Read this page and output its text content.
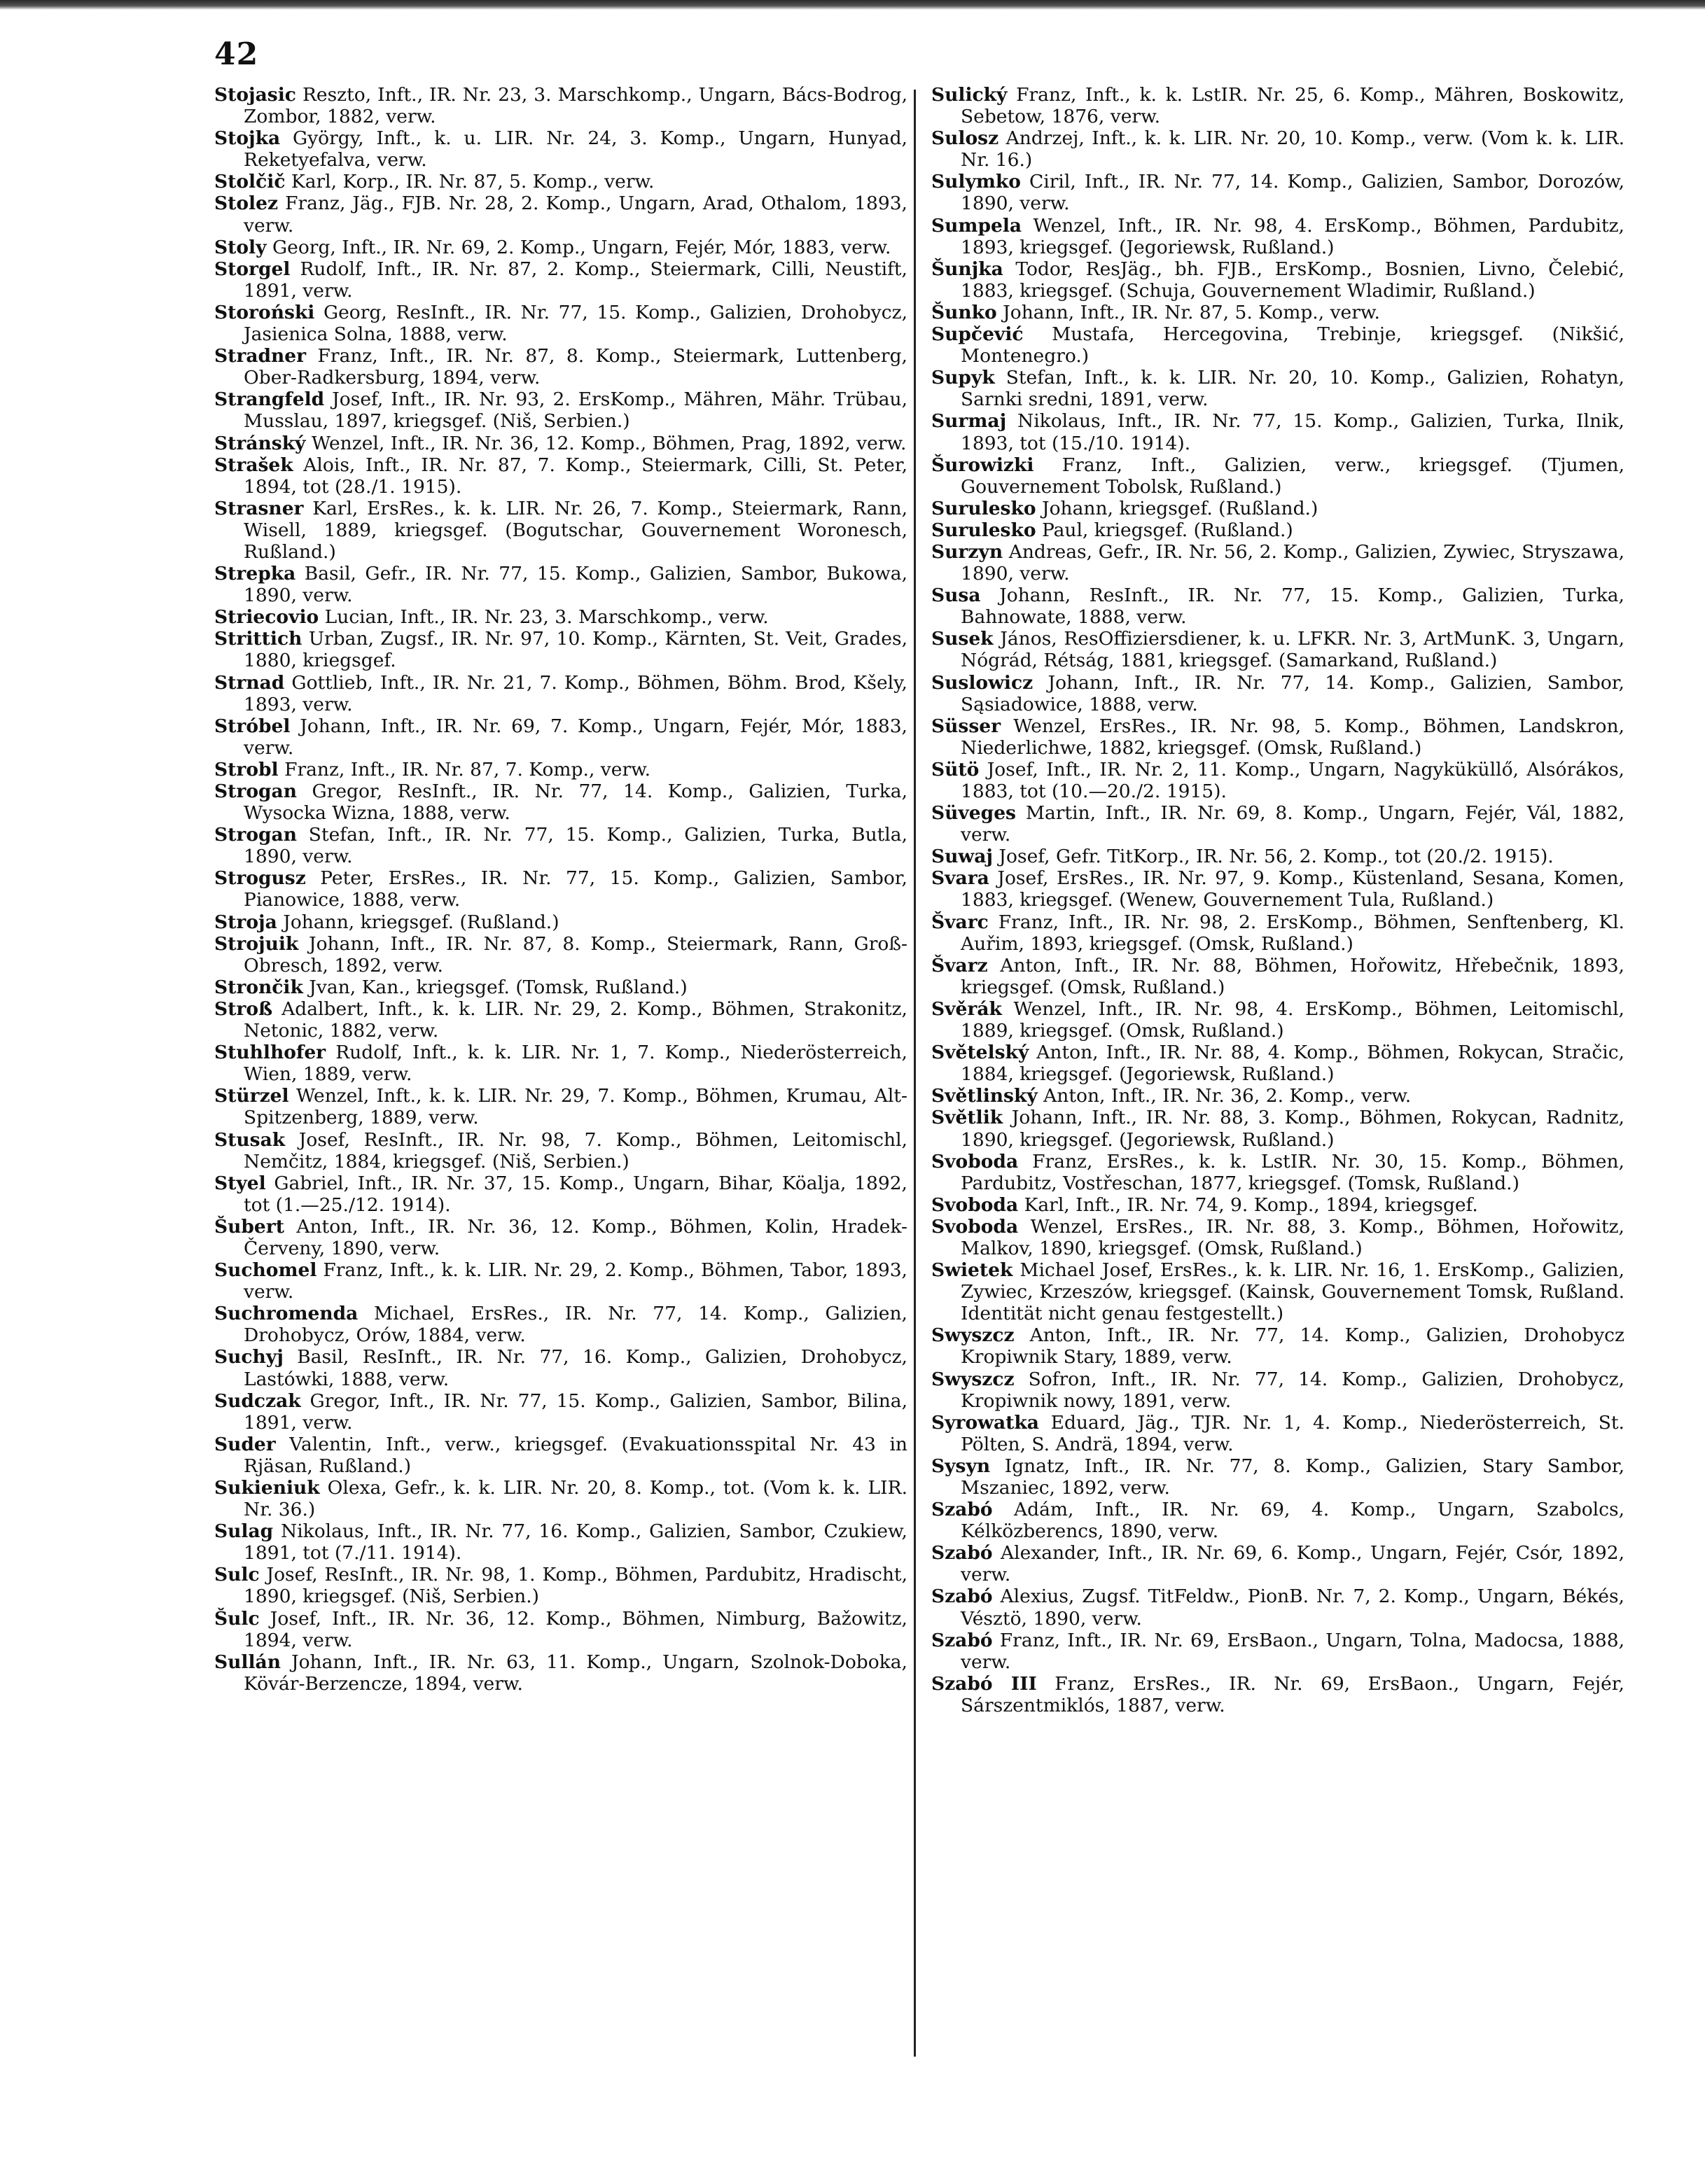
42

Stojasic Reszto, Inft., IR. Nr. 23, 3. Marschkomp., Ungarn, Bács-Bodrog, Zombor, 1882, verw.

Stojka György, Inft., k. u. LIR. Nr. 24, 3. Komp., Ungarn, Hunyad, Reketyefalva, verw.

Stolčič Karl, Korp., IR. Nr. 87, 5. Komp., verw.

Stolez Franz, Jäg., FJB. Nr. 28, 2. Komp., Ungarn, Arad, Othalom, 1893, verw.

Stoly Georg, Inft., IR. Nr. 69, 2. Komp., Ungarn, Fejér, Mór, 1883, verw.

Storgel Rudolf, Inft., IR. Nr. 87, 2. Komp., Steiermark, Cilli, Neustift, 1891, verw.

Storoński Georg, ResInft., IR. Nr. 77, 15. Komp., Galizien, Drohobycz, Jasienica Solna, 1888, verw.

Stradner Franz, Inft., IR. Nr. 87, 8. Komp., Steiermark, Luttenberg, Ober-Radkersburg, 1894, verw.

Strangfeld Josef, Inft., IR. Nr. 93, 2. ErsKomp., Mähren, Mähr. Trübau, Musslau, 1897, kriegsgef. (Niš, Serbien.)

Stránský Wenzel, Inft., IR. Nr. 36, 12. Komp., Böhmen, Prag, 1892, verw.

Strašek Alois, Inft., IR. Nr. 87, 7. Komp., Steiermark, Cilli, St. Peter, 1894, tot (28./1. 1915).

Strasner Karl, ErsRes., k. k. LIR. Nr. 26, 7. Komp., Steiermark, Rann, Wisell, 1889, kriegsgef. (Bogutschar, Gouvernement Woronesch, Rußland.)

Strepka Basil, Gefr., IR. Nr. 77, 15. Komp., Galizien, Sambor, Bukowa, 1890, verw.

Striecovio Lucian, Inft., IR. Nr. 23, 3. Marschkomp., verw.

Strittich Urban, Zugsf., IR. Nr. 97, 10. Komp., Kärnten, St. Veit, Grades, 1880, kriegsgef.

Strnad Gottlieb, Inft., IR. Nr. 21, 7. Komp., Böhmen, Böhm. Brod, Kšely, 1893, verw.

Stróbel Johann, Inft., IR. Nr. 69, 7. Komp., Ungarn, Fejér, Mór, 1883, verw.

Strobl Franz, Inft., IR. Nr. 87, 7. Komp., verw.

Strogan Gregor, ResInft., IR. Nr. 77, 14. Komp., Galizien, Turka, Wysocka Wizna, 1888, verw.

Strogan Stefan, Inft., IR. Nr. 77, 15. Komp., Galizien, Turka, Butla, 1890, verw.

Strogusz Peter, ErsRes., IR. Nr. 77, 15. Komp., Galizien, Sambor, Pianowice, 1888, verw.

Stroja Johann, kriegsgef. (Rußland.)

Strojuik Johann, Inft., IR. Nr. 87, 8. Komp., Steiermark, Rann, Groß-Obresch, 1892, verw.

Strončik Jvan, Kan., kriegsgef. (Tomsk, Rußland.)

Stroß Adalbert, Inft., k. k. LIR. Nr. 29, 2. Komp., Böhmen, Strakonitz, Netonic, 1882, verw.

Stuhlhofer Rudolf, Inft., k. k. LIR. Nr. 1, 7. Komp., Niederösterreich, Wien, 1889, verw.

Stürzel Wenzel, Inft., k. k. LIR. Nr. 29, 7. Komp., Böhmen, Krumau, Alt-Spitzenberg, 1889, verw.

Stusak Josef, ResInft., IR. Nr. 98, 7. Komp., Böhmen, Leitomischl, Nemčitz, 1884, kriegsgef. (Niš, Serbien.)

Styel Gabriel, Inft., IR. Nr. 37, 15. Komp., Ungarn, Bihar, Köalja, 1892, tot (1.—25./12. 1914).

Šubert Anton, Inft., IR. Nr. 36, 12. Komp., Böhmen, Kolin, Hradek-Červeny, 1890, verw.

Suchomel Franz, Inft., k. k. LIR. Nr. 29, 2. Komp., Böhmen, Tabor, 1893, verw.

Suchromenda Michael, ErsRes., IR. Nr. 77, 14. Komp., Galizien, Drohobycz, Orów, 1884, verw.

Suchyj Basil, ResInft., IR. Nr. 77, 16. Komp., Galizien, Drohobycz, Lastówki, 1888, verw.

Sudczak Gregor, Inft., IR. Nr. 77, 15. Komp., Galizien, Sambor, Bilina, 1891, verw.

Suder Valentin, Inft., verw., kriegsgef. (Evakuationsspital Nr. 43 in Rjäsan, Rußland.)

Sukieniuk Olexa, Gefr., k. k. LIR. Nr. 20, 8. Komp., tot. (Vom k. k. LIR. Nr. 36.)

Sulag Nikolaus, Inft., IR. Nr. 77, 16. Komp., Galizien, Sambor, Czukiew, 1891, tot (7./11. 1914).

Sulc Josef, ResInft., IR. Nr. 98, 1. Komp., Böhmen, Pardubitz, Hradischt, 1890, kriegsgef. (Niš, Serbien.)

Šulc Josef, Inft., IR. Nr. 36, 12. Komp., Böhmen, Nimburg, Bažowitz, 1894, verw.

Sullán Johann, Inft., IR. Nr. 63, 11. Komp., Ungarn, Szolnok-Doboka, Kövár-Berzencze, 1894, verw.

Sulický Franz, Inft., k. k. LstIR. Nr. 25, 6. Komp., Mähren, Boskowitz, Sebetow, 1876, verw.

Sulosz Andrzej, Inft., k. k. LIR. Nr. 20, 10. Komp., verw. (Vom k. k. LIR. Nr. 16.)

Sulymko Ciril, Inft., IR. Nr. 77, 14. Komp., Galizien, Sambor, Dorozów, 1890, verw.

Sumpela Wenzel, Inft., IR. Nr. 98, 4. ErsKomp., Böhmen, Pardubitz, 1893, kriegsgef. (Jegoriewsk, Rußland.)

Šunjka Todor, ResJäg., bh. FJB., ErsKomp., Bosnien, Livno, Čelebić, 1883, kriegsgef. (Schuja, Gouvernement Wladimir, Rußland.)

Šunko Johann, Inft., IR. Nr. 87, 5. Komp., verw.

Supčević Mustafa, Hercegovina, Trebinje, kriegsgef. (Nikšić, Montenegro.)

Supyk Stefan, Inft., k. k. LIR. Nr. 20, 10. Komp., Galizien, Rohatyn, Sarnki sredni, 1891, verw.

Surmaj Nikolaus, Inft., IR. Nr. 77, 15. Komp., Galizien, Turka, Ilnik, 1893, tot (15./10. 1914).

Šurowizki Franz, Inft., Galizien, verw., kriegsgef. (Tjumen, Gouvernement Tobolsk, Rußland.)

Surulesko Johann, kriegsgef. (Rußland.)

Surulesko Paul, kriegsgef. (Rußland.)

Surzyn Andreas, Gefr., IR. Nr. 56, 2. Komp., Galizien, Zywiec, Stryszawa, 1890, verw.

Susa Johann, ResInft., IR. Nr. 77, 15. Komp., Galizien, Turka, Bahnowate, 1888, verw.

Susek János, ResOffiziersdiener, k. u. LFKR. Nr. 3, ArtMunK. 3, Ungarn, Nógrád, Rétság, 1881, kriegsgef. (Samarkand, Rußland.)

Suslowicz Johann, Inft., IR. Nr. 77, 14. Komp., Galizien, Sambor, Sąsiadowice, 1888, verw.

Süsser Wenzel, ErsRes., IR. Nr. 98, 5. Komp., Böhmen, Landskron, Niederlichwe, 1882, kriegsgef. (Omsk, Rußland.)

Sütö Josef, Inft., IR. Nr. 2, 11. Komp., Ungarn, Nagyküküllő, Alsórákos, 1883, tot (10.—20./2. 1915).

Süveges Martin, Inft., IR. Nr. 69, 8. Komp., Ungarn, Fejér, Vál, 1882, verw.

Suwaj Josef, Gefr. TitKorp., IR. Nr. 56, 2. Komp., tot (20./2. 1915).

Svara Josef, ErsRes., IR. Nr. 97, 9. Komp., Küstenland, Sesana, Komen, 1883, kriegsgef. (Wenew, Gouvernement Tula, Rußland.)

Švarc Franz, Inft., IR. Nr. 98, 2. ErsKomp., Böhmen, Senftenberg, Kl. Auřim, 1893, kriegsgef. (Omsk, Rußland.)

Švarz Anton, Inft., IR. Nr. 88, Böhmen, Hořowitz, Hřebečnik, 1893, kriegsgef. (Omsk, Rußland.)

Svěrák Wenzel, Inft., IR. Nr. 98, 4. ErsKomp., Böhmen, Leitomischl, 1889, kriegsgef. (Omsk, Rußland.)

Světelský Anton, Inft., IR. Nr. 88, 4. Komp., Böhmen, Rokycan, Stračic, 1884, kriegsgef. (Jegoriewsk, Rußland.)

Světlinský Anton, Inft., IR. Nr. 36, 2. Komp., verw.

Světlik Johann, Inft., IR. Nr. 88, 3. Komp., Böhmen, Rokycan, Radnitz, 1890, kriegsgef. (Jegoriewsk, Rußland.)

Svoboda Franz, ErsRes., k. k. LstIR. Nr. 30, 15. Komp., Böhmen, Pardubitz, Vostřeschan, 1877, kriegsgef. (Tomsk, Rußland.)

Svoboda Karl, Inft., IR. Nr. 74, 9. Komp., 1894, kriegsgef.

Svoboda Wenzel, ErsRes., IR. Nr. 88, 3. Komp., Böhmen, Hořowitz, Malkov, 1890, kriegsgef. (Omsk, Rußland.)

Swietek Michael Josef, ErsRes., k. k. LIR. Nr. 16, 1. ErsKomp., Galizien, Zywiec, Krzeszów, kriegsgef. (Kainsk, Gouvernement Tomsk, Rußland. Identität nicht genau festgestellt.)

Swyszcz Anton, Inft., IR. Nr. 77, 14. Komp., Galizien, Drohobycz Kropiwnik Stary, 1889, verw.

Swyszcz Sofron, Inft., IR. Nr. 77, 14. Komp., Galizien, Drohobycz, Kropiwnik nowy, 1891, verw.

Syrowatka Eduard, Jäg., TJR. Nr. 1, 4. Komp., Niederösterreich, St. Pölten, S. Andrä, 1894, verw.

Sysyn Ignatz, Inft., IR. Nr. 77, 8. Komp., Galizien, Stary Sambor, Mszaniec, 1892, verw.

Szabó Adám, Inft., IR. Nr. 69, 4. Komp., Ungarn, Szabolcs, Kélközberencs, 1890, verw.

Szabó Alexander, Inft., IR. Nr. 69, 6. Komp., Ungarn, Fejér, Csór, 1892, verw.

Szabó Alexius, Zugsf. TitFeldw., PionB. Nr. 7, 2. Komp., Ungarn, Békés, Vésztö, 1890, verw.

Szabó Franz, Inft., IR. Nr. 69, ErsBaon., Ungarn, Tolna, Madocsa, 1888, verw.

Szabó III Franz, ErsRes., IR. Nr. 69, ErsBaon., Ungarn, Fejér, Sárszentmiklós, 1887, verw.
